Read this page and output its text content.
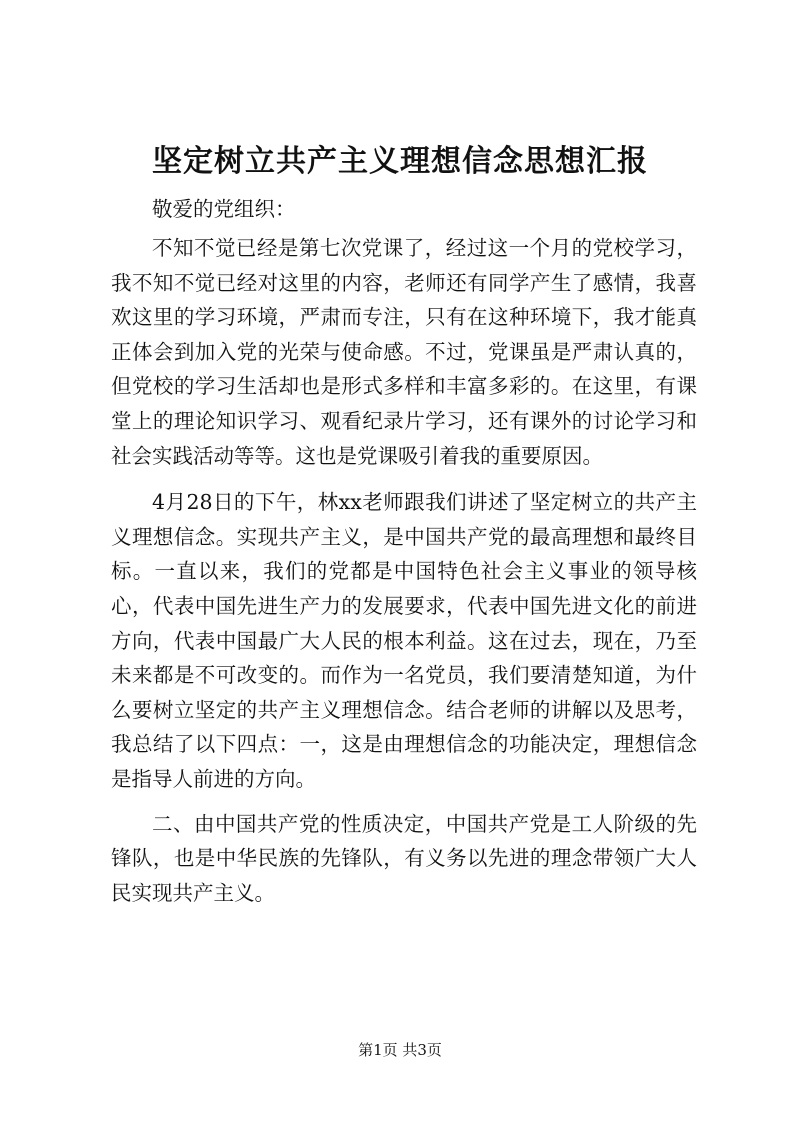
坚定树立共产主义理想信念思想汇报

敬爱的党组织：

不知不觉已经是第七次党课了，经过这一个月的党校学习，我不知不觉已经对这里的内容，老师还有同学产生了感情，我喜欢这里的学习环境，严肃而专注，只有在这种环境下，我才能真正体会到加入党的光荣与使命感。不过，党课虽是严肃认真的，但党校的学习生活却也是形式多样和丰富多彩的。在这里，有课堂上的理论知识学习、观看纪录片学习，还有课外的讨论学习和社会实践活动等等。这也是党课吸引着我的重要原因。

4月28日的下午，林xx老师跟我们讲述了坚定树立的共产主义理想信念。实现共产主义，是中国共产党的最高理想和最终目标。一直以来，我们的党都是中国特色社会主义事业的领导核心，代表中国先进生产力的发展要求，代表中国先进文化的前进方向，代表中国最广大人民的根本利益。这在过去，现在，乃至未来都是不可改变的。而作为一名党员，我们要清楚知道，为什么要树立坚定的共产主义理想信念。结合老师的讲解以及思考，我总结了以下四点：一，这是由理想信念的功能决定，理想信念是指导人前进的方向。

二、由中国共产党的性质决定，中国共产党是工人阶级的先锋队，也是中华民族的先锋队，有义务以先进的理念带领广大人民实现共产主义。

第1页 共3页
